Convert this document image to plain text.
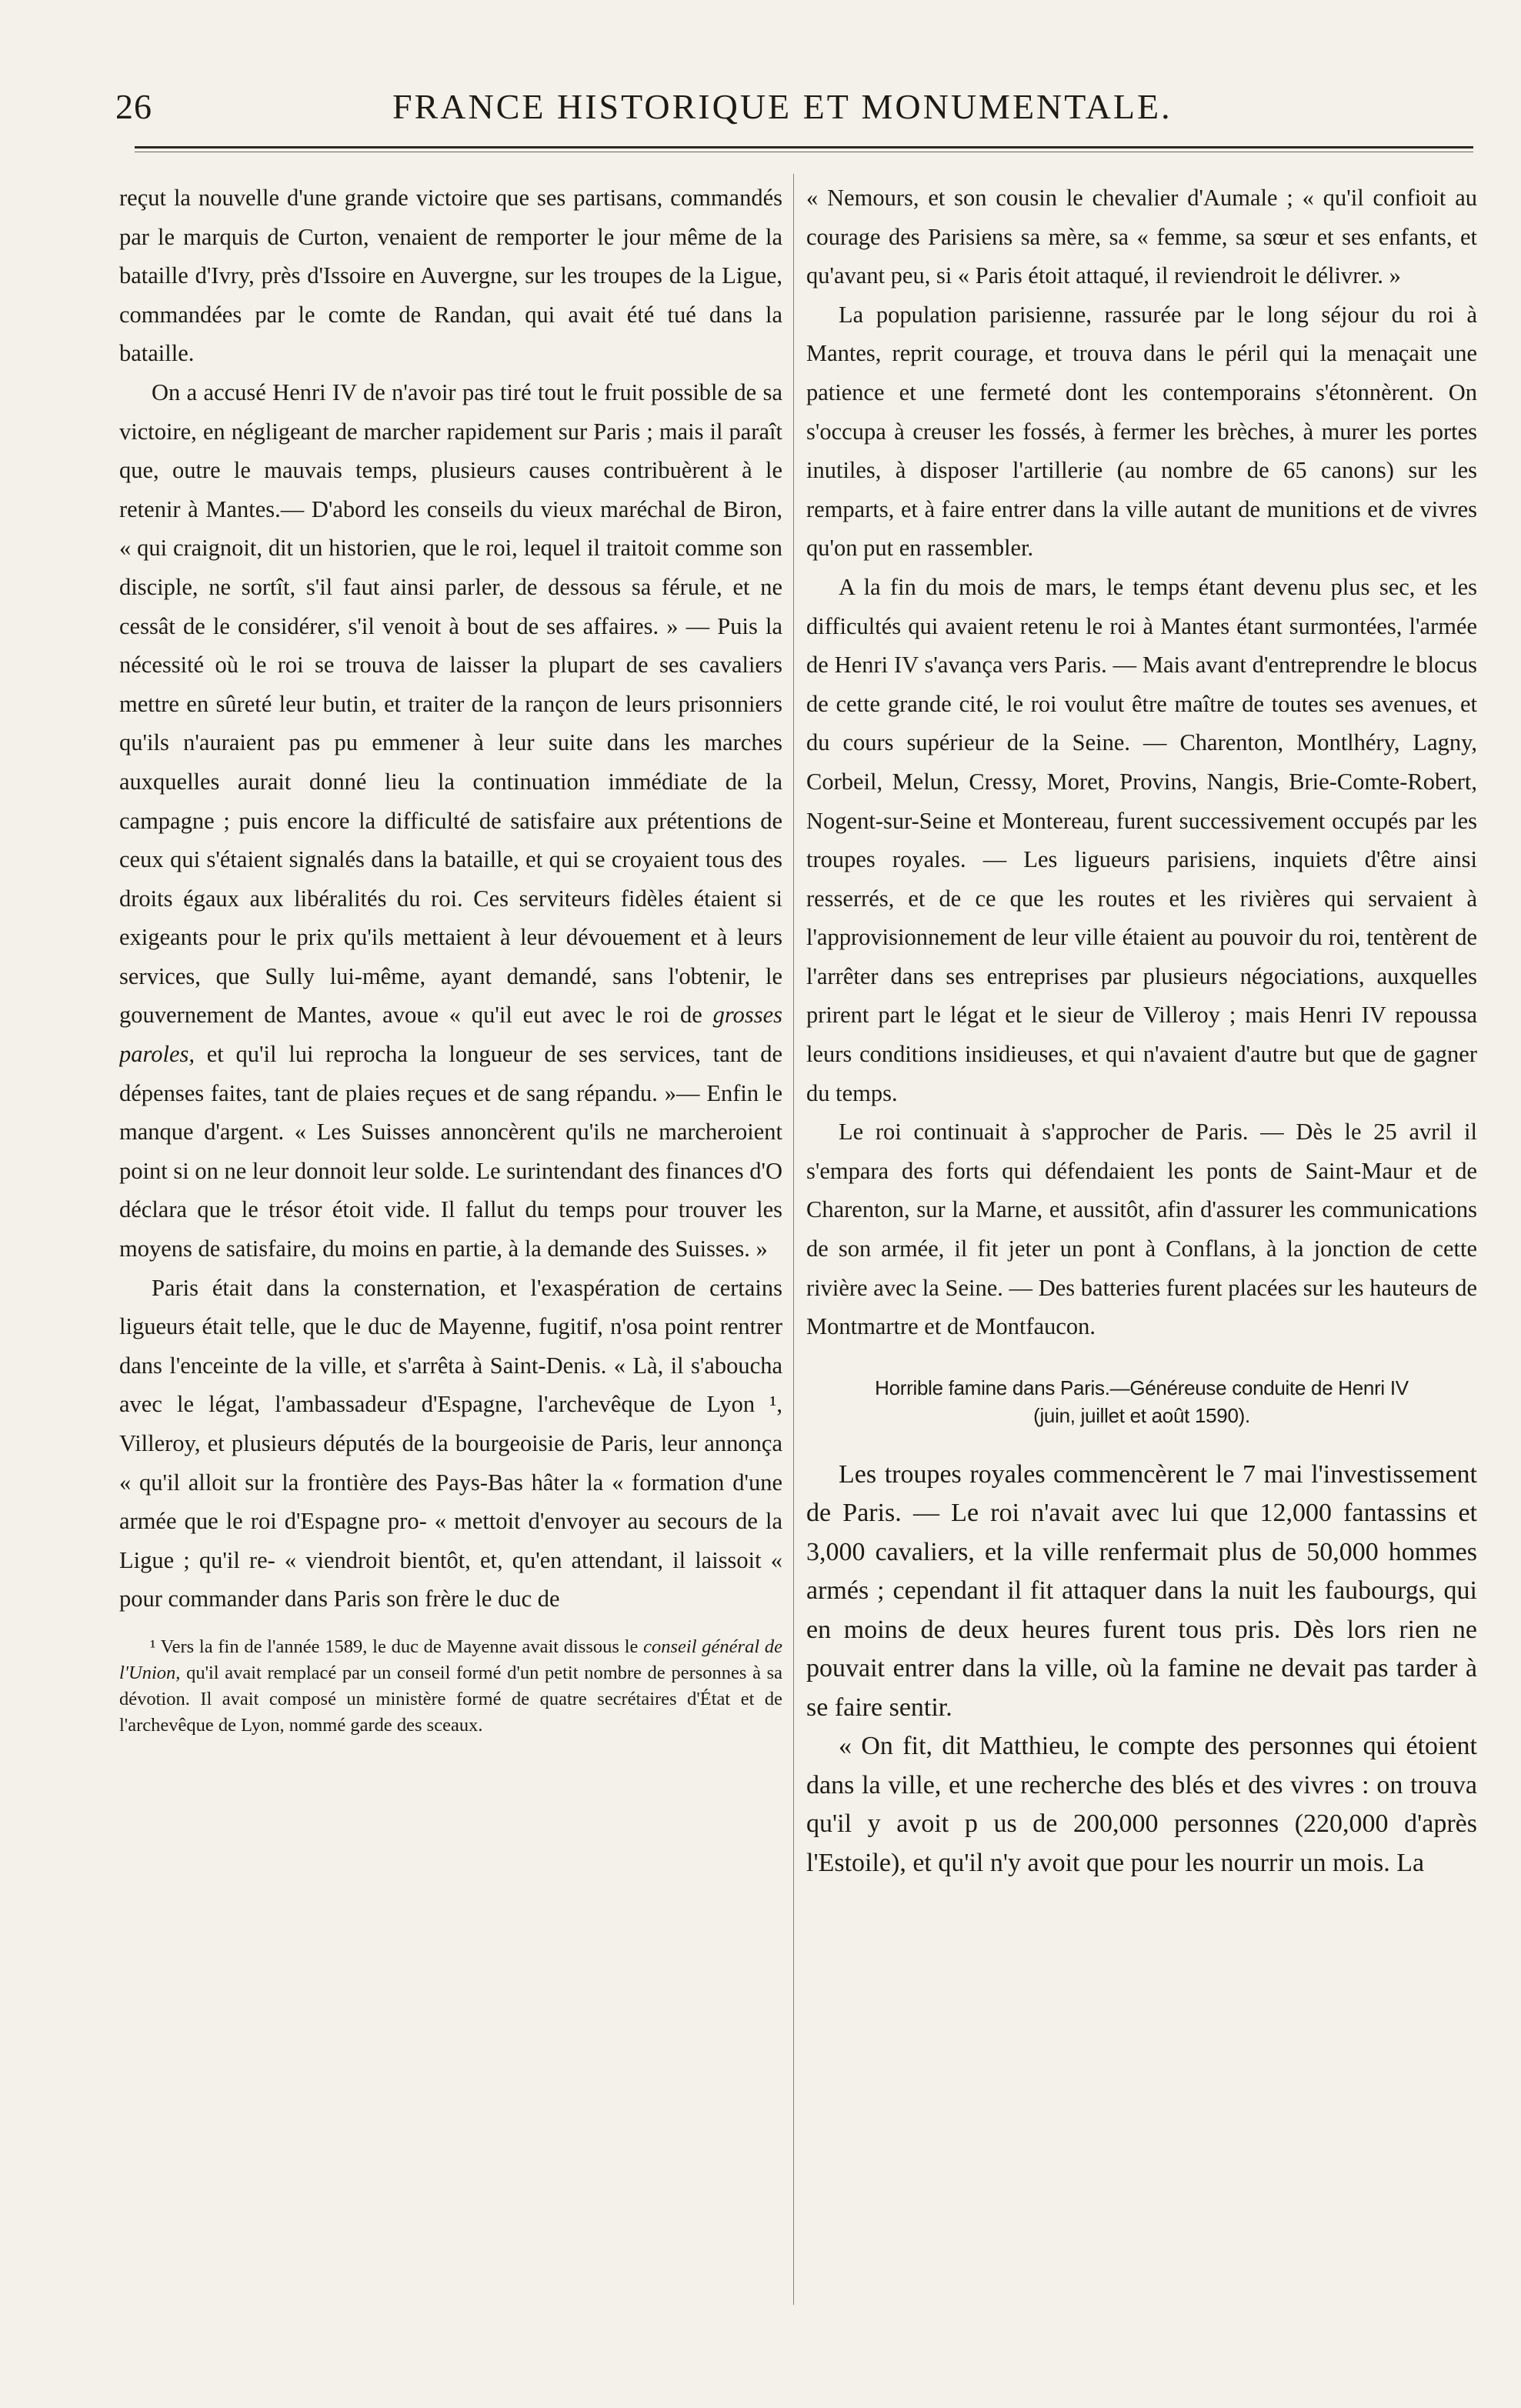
26	FRANCE HISTORIQUE ET MONUMENTALE.

reçut la nouvelle d'une grande victoire que ses partisans, commandés par le marquis de Curton, venaient de remporter le jour même de la bataille d'Ivry, près d'Issoire en Auvergne, sur les troupes de la Ligue, commandées par le comte de Randan, qui avait été tué dans la bataille.

On a accusé Henri IV de n'avoir pas tiré tout le fruit possible de sa victoire, en négligeant de marcher rapidement sur Paris ; mais il paraît que, outre le mauvais temps, plusieurs causes contribuèrent à le retenir à Mantes.— D'abord les conseils du vieux maréchal de Biron, « qui craignoit, dit un historien, que le roi, lequel il traitoit comme son disciple, ne sortît, s'il faut ainsi parler, de dessous sa férule, et ne cessât de le considérer, s'il venoit à bout de ses affaires. » — Puis la nécessité où le roi se trouva de laisser la plupart de ses cavaliers mettre en sûreté leur butin, et traiter de la rançon de leurs prisonniers qu'ils n'auraient pas pu emmener à leur suite dans les marches auxquelles aurait donné lieu la continuation immédiate de la campagne ; puis encore la difficulté de satisfaire aux prétentions de ceux qui s'étaient signalés dans la bataille, et qui se croyaient tous des droits égaux aux libéralités du roi. Ces serviteurs fidèles étaient si exigeants pour le prix qu'ils mettaient à leur dévouement et à leurs services, que Sully lui-même, ayant demandé, sans l'obtenir, le gouvernement de Mantes, avoue « qu'il eut avec le roi de grosses paroles, et qu'il lui reprocha la longueur de ses services, tant de dépenses faites, tant de plaies reçues et de sang répandu. »— Enfin le manque d'argent. « Les Suisses annoncèrent qu'ils ne marcheroient point si on ne leur donnoit leur solde. Le surintendant des finances d'O déclara que le trésor étoit vide. Il fallut du temps pour trouver les moyens de satisfaire, du moins en partie, à la demande des Suisses. »

Paris était dans la consternation, et l'exaspération de certains ligueurs était telle, que le duc de Mayenne, fugitif, n'osa point rentrer dans l'enceinte de la ville, et s'arrêta à Saint-Denis. « Là, il s'aboucha avec le légat, l'ambassadeur d'Espagne, l'archevêque de Lyon ¹, Villeroy, et plusieurs députés de la bourgeoisie de Paris, leur annonça « qu'il alloit sur la frontière des Pays-Bas hâter la « formation d'une armée que le roi d'Espagne pro- « mettoit d'envoyer au secours de la Ligue ; qu'il re- « viendroit bientôt, et, qu'en attendant, il laissoit « pour commander dans Paris son frère le duc de

¹ Vers la fin de l'année 1589, le duc de Mayenne avait dissous le conseil général de l'Union, qu'il avait remplacé par un conseil formé d'un petit nombre de personnes à sa dévotion. Il avait composé un ministère formé de quatre secrétaires d'État et de l'archevêque de Lyon, nommé garde des sceaux.

« Nemours, et son cousin le chevalier d'Aumale ; « qu'il confioit au courage des Parisiens sa mère, sa « femme, sa sœur et ses enfants, et qu'avant peu, si « Paris étoit attaqué, il reviendroit le délivrer. »

La population parisienne, rassurée par le long séjour du roi à Mantes, reprit courage, et trouva dans le péril qui la menaçait une patience et une fermeté dont les contemporains s'étonnèrent. On s'occupa à creuser les fossés, à fermer les brèches, à murer les portes inutiles, à disposer l'artillerie (au nombre de 65 canons) sur les remparts, et à faire entrer dans la ville autant de munitions et de vivres qu'on put en rassembler.

A la fin du mois de mars, le temps étant devenu plus sec, et les difficultés qui avaient retenu le roi à Mantes étant surmontées, l'armée de Henri IV s'avança vers Paris. — Mais avant d'entreprendre le blocus de cette grande cité, le roi voulut être maître de toutes ses avenues, et du cours supérieur de la Seine. — Charenton, Montlhéry, Lagny, Corbeil, Melun, Cressy, Moret, Provins, Nangis, Brie-Comte-Robert, Nogent-sur-Seine et Montereau, furent successivement occupés par les troupes royales. — Les ligueurs parisiens, inquiets d'être ainsi resserrés, et de ce que les routes et les rivières qui servaient à l'approvisionnement de leur ville étaient au pouvoir du roi, tentèrent de l'arrêter dans ses entreprises par plusieurs négociations, auxquelles prirent part le légat et le sieur de Villeroy ; mais Henri IV repoussa leurs conditions insidieuses, et qui n'avaient d'autre but que de gagner du temps.

Le roi continuait à s'approcher de Paris. — Dès le 25 avril il s'empara des forts qui défendaient les ponts de Saint-Maur et de Charenton, sur la Marne, et aussitôt, afin d'assurer les communications de son armée, il fit jeter un pont à Conflans, à la jonction de cette rivière avec la Seine. — Des batteries furent placées sur les hauteurs de Montmartre et de Montfaucon.

Horrible famine dans Paris.—Généreuse conduite de Henri IV
(juin, juillet et août 1590).

Les troupes royales commencèrent le 7 mai l'investissement de Paris. — Le roi n'avait avec lui que 12,000 fantassins et 3,000 cavaliers, et la ville renfermait plus de 50,000 hommes armés ; cependant il fit attaquer dans la nuit les faubourgs, qui en moins de deux heures furent tous pris. Dès lors rien ne pouvait entrer dans la ville, où la famine ne devait pas tarder à se faire sentir.

« On fit, dit Matthieu, le compte des personnes qui étoient dans la ville, et une recherche des blés et des vivres : on trouva qu'il y avoit p us de 200,000 personnes (220,000 d'après l'Estoile), et qu'il n'y avoit que pour les nourrir un mois. La
